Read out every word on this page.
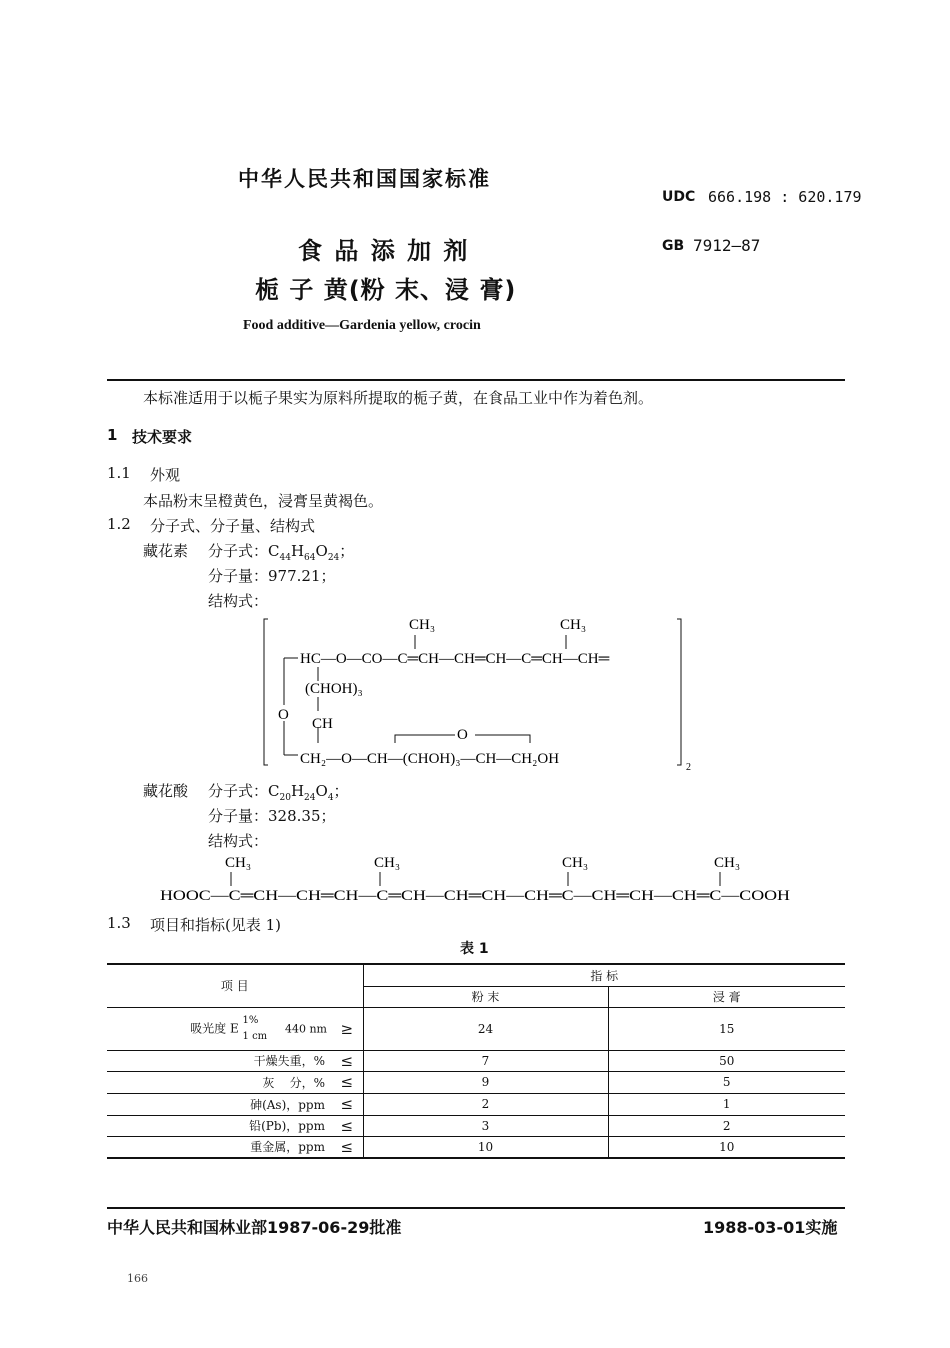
中华人民共和国国家标准
UDC 666.198 : 620.179
食 品 添 加 剂	GB 7912—87
栀 子 黄(粉 末、浸 膏)
Food additive—Gardenia yellow, crocin
本标准适用于以栀子果实为原料所提取的栀子黄，在食品工业中作为着色剂。
1 技术要求
1.1 外观
本品粉末呈橙黄色，浸膏呈黄褐色。
1.2 分子式、分子量、结构式
藏花素 分子式：$C_{44}H_{64}O_{24}$；
分子量：977.21；
结构式：
CH₃	CH₃
HC—O—CO—C═CH—CH═CH—C═CH—CH═
(CHOH)₃
O
CH
O
CH₂—O—CH—(CHOH)₃—CH—CH₂OH
2
藏花酸 分子式：$C_{20}H_{24}O_4$；
分子量：328.35；
结构式：
CH₃	CH₃	CH₃	CH₃
HOOC—C═CH—CH═CH—C═CH—CH═CH—CH═C—CH═CH—CH═C—COOH
1.3 项目和指标(见表 1)
表 1
项 目		指 标	
		粉 末	浸 膏
吸光度 E
1%
1 cm
440 nm	≥	24	15
干燥失重，%	≤	7	50
灰    分，%	≤	9	5
砷(As)，ppm	≤	2	1
铅(Pb)，ppm	≤	3	2
重金属，ppm	≤	10	10
中华人民共和国林业部1987-06-29批准	1988-03-01实施
166
